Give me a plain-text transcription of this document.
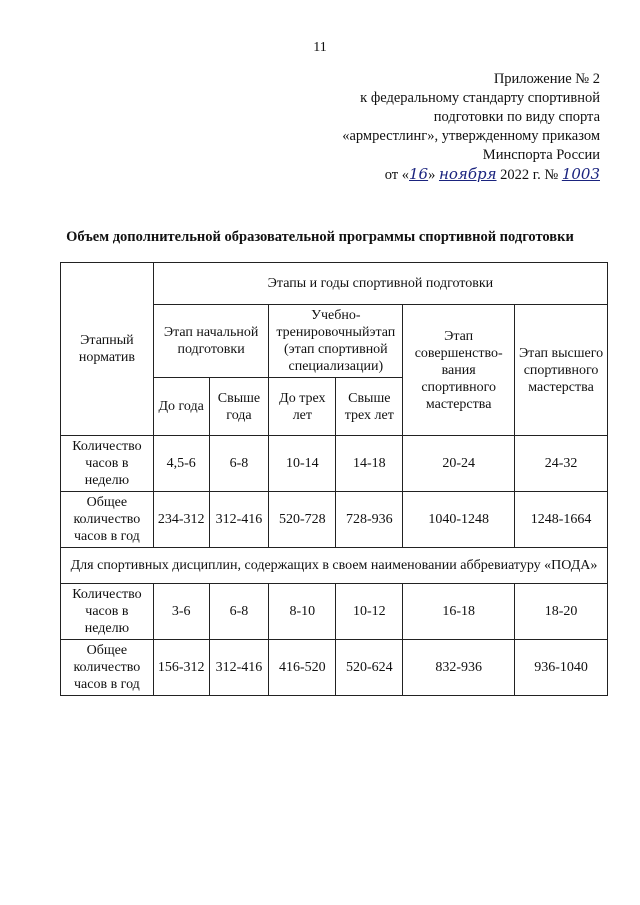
11
Приложение № 2
к федеральному стандарту спортивной
подготовки по виду спорта
«армрестлинг», утвержденному приказом
Минспорта России
от «16» ноября 2022 г. № 1003
Объем дополнительной образовательной программы спортивной подготовки
Этапный норматив	Этапы и годы спортивной подготовки					
	Этап начальной подготовки		Учебно-тренировочныйэтап (этап спортивной специализации)		Этап совершенство-вания спортивного мастерства	Этап высшего спортивного мастерства
	До года	Свыше года	До трех лет	Свыше трех лет		
Количество часов в неделю	4,5-6	6-8	10-14	14-18	20-24	24-32
Общее количество часов в год	234-312	312-416	520-728	728-936	1040-1248	1248-1664
Для спортивных дисциплин, содержащих в своем наименовании аббревиатуру «ПОДА»						
Количество часов в неделю	3-6	6-8	8-10	10-12	16-18	18-20
Общее количество часов в год	156-312	312-416	416-520	520-624	832-936	936-1040
